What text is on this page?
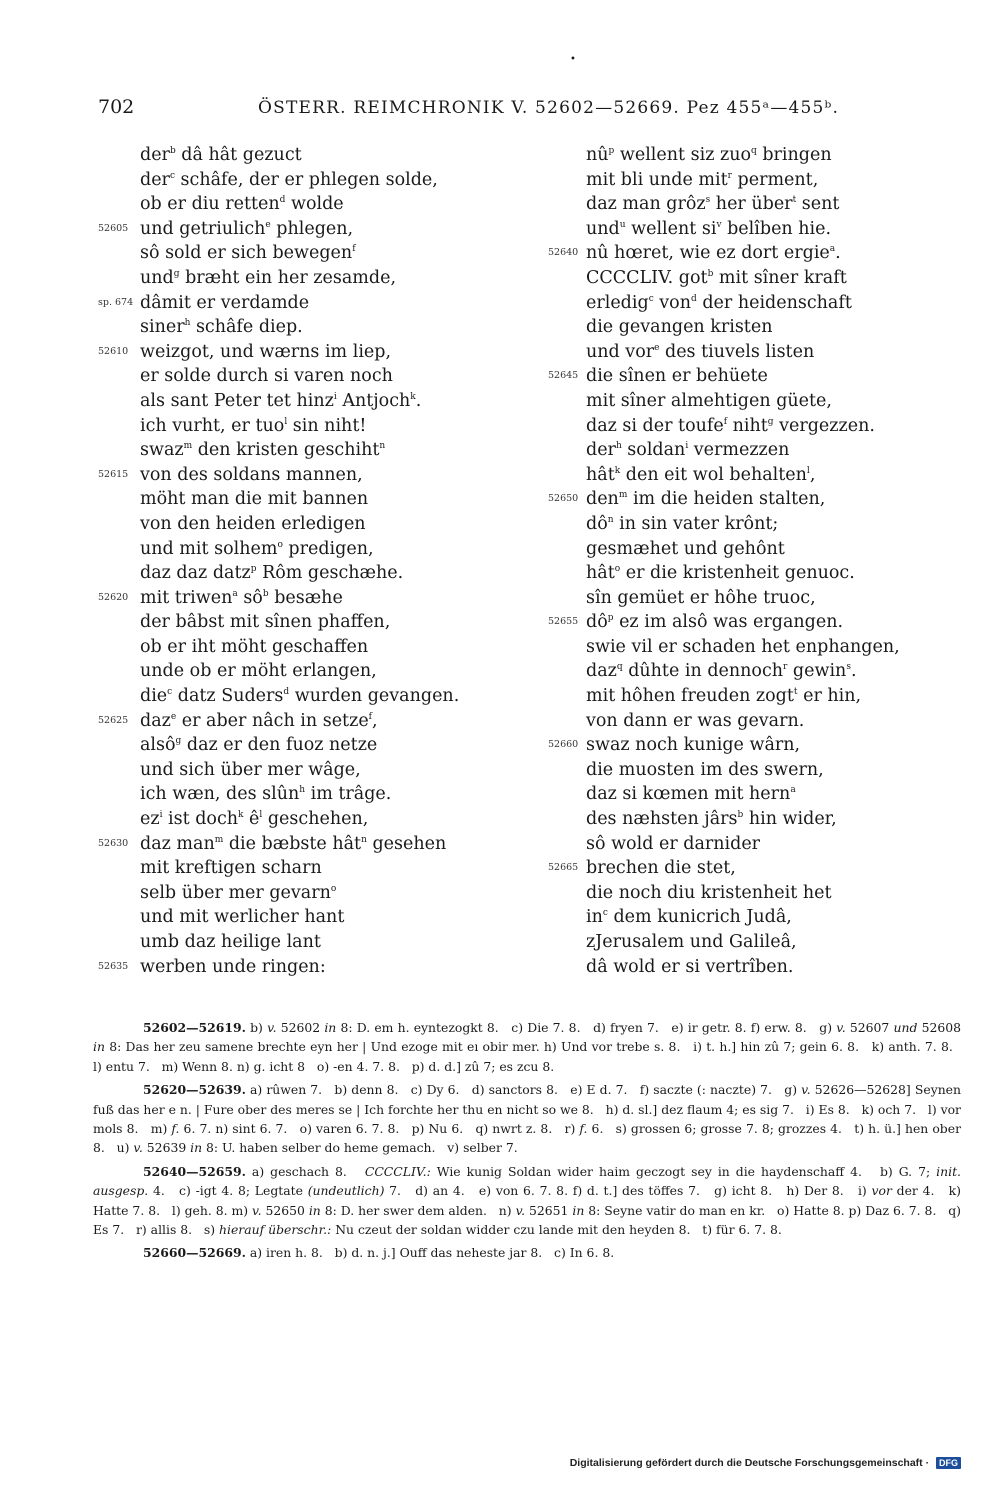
•
702	ÖSTERR. REIMCHRONIK V. 52602—52669. Pez 455ᵃ—455ᵇ.
der$^b$ dâ hât gezuct
der$^c$ schâfe, der er phlegen solde,
ob er diu retten$^d$ wolde
52605 und getriulich$^e$ phlegen,
sô sold er sich bewegen$^f$
und$^g$ bræht ein her zesamde,
sp. 674 dâmit er verdamde
siner$^h$ schâfe diep.
52610 weizgot, und wærns im liep,
er solde durch si varen noch
als sant Peter tet hinz$^i$ Antjoch$^k$.
ich vurht, er tuo$^l$ sin niht!
swaz$^m$ den kristen geschiht$^n$
52615 von des soldans mannen,
möht man die mit bannen
von den heiden erledigen
und mit solhem$^o$ predigen,
daz daz datz$^p$ Rôm geschæhe.
52620 mit triwen$^a$ $sô^b$ besæhe
der bâbst mit sînen phaffen,
ob er iht möht geschaffen
unde ob er möht erlangen,
die$^c$ datz Suders$^d$ wurden gevangen.
52625 daz$^e$ er aber nâch in setze$^f$,
alsô$^g$ daz er den fuoz netze
und sich über mer wâge,
ich wæn, des slûn$^h$ im trâge.
$ez^i$ ist doch$^k$ $ê^l$ geschehen,
52630 daz man$^m$ die bæbste hât$^n$ gesehen
mit kreftigen scharn
selb über mer gevarn$^o$
und mit werlicher hant
umb daz heilige lant
52635 werben unde ringen:
$nû^p$ wellent siz zuo$^q$ bringen
mit bli unde mit$^r$ perment,
daz man grôz$^s$ her über$^t$ sent
und$^u$ wellent $si^v$ belîben hie.
52640 nû hœret, wie ez dort ergie$^a$.
CCCCLIV. got$^b$ mit sîner kraft
erledig$^c$ von$^d$ der heidenschaft
die gevangen kristen
und vor$^e$ des tiuvels listen
52645 die sînen er behüete
mit sîner almehtigen güete,
daz si der toufe$^f$ niht$^g$ vergezzen.
der$^h$ soldan$^i$ vermezzen
hât$^k$ den eit wol behalten$^l$,
52650 den$^m$ im die heiden stalten,
$dô^n$ in sin vater krônt;
gesmæhet und gehônt
hât$^o$ er die kristenheit genuoc.
sîn gemüet er hôhe truoc,
52655 $dô^p$ ez im alsô was ergangen.
swie vil er schaden het enphangen,
daz$^q$ dûhte in dennoch$^r$ gewin$^s$.
mit hôhen freuden zogt$^t$ er hin,
von dann er was gevarn.
52660 swaz noch kunige wârn,
die muosten im des swern,
daz si kœmen mit hern$^a$
des næhsten jârs$^b$ hin wider,
sô wold er darnider
52665 brechen die stet,
die noch diu kristenheit het
$in^c$ dem kunicrich Judâ,
zJerusalem und Galileâ,
dâ wold er si vertrîben.

52602—52619. b) v. 52602 in 8: D. em h. eyntezogkt 8.   c) Die 7. 8.   d) fryen 7.   e) ir getr. 8. f) erw. 8.   g) v. 52607 und 52608 in 8: Das her zeu samene brechte eyn her | Und ezoge mit eı obir mer. h) Und vor trebe s. 8.   i) t. h.] hin zû 7; gein 6. 8.   k) anth. 7. 8.   l) entu 7.   m) Wenn 8. n) g. icht 8   o) -en 4. 7. 8.   p) d. d.] zû 7; es zcu 8.

52620—52639. a) rûwen 7.   b) denn 8.   c) Dy 6.   d) sanctors 8.   e) E d. 7.   f) saczte (: naczte) 7.   g) v. 52626—52628] Seynen fuß das her e n. | Fure ober des meres se | Ich forchte her thu en nicht so we 8.   h) d. sl.] dez flaum 4; es sig 7.   i) Es 8.   k) och 7.   l) vor mols 8.   m) f. 6. 7. n) sint 6. 7.   o) varen 6. 7. 8.   p) Nu 6.   q) nwrt z. 8.   r) f. 6.   s) grossen 6; grosse 7. 8; grozzes 4.   t) h. ü.] hen ober 8.   u) v. 52639 in 8: U. haben selber do heme gemach.   v) selber 7.

52640—52659. a) geschach 8.   CCCCLIV.: Wie kunig Soldan wider haim geczogt sey in die haydenschaff 4.   b) G. 7; init. ausgesp. 4.   c) -igt 4. 8; Legtate (undeutlich) 7.   d) an 4.   e) von 6. 7. 8. f) d. t.] des töffes 7.   g) icht 8.   h) Der 8.   i) vor der 4.   k) Hatte 7. 8.   l) geh. 8. m) v. 52650 in 8: D. her swer dem alden.   n) v. 52651 in 8: Seyne vatir do man en kr.   o) Hatte 8. p) Daz 6. 7. 8.   q) Es 7.   r) allis 8.   s) hierauf überschr.: Nu czeut der soldan widder czu lande mit den heyden 8.   t) für 6. 7. 8.

52660—52669. a) iren h. 8.   b) d. n. j.] Ouff das neheste jar 8.   c) In 6. 8.

Digitalisierung gefördert durch die Deutsche Forschungsgemeinschaft · DFG
